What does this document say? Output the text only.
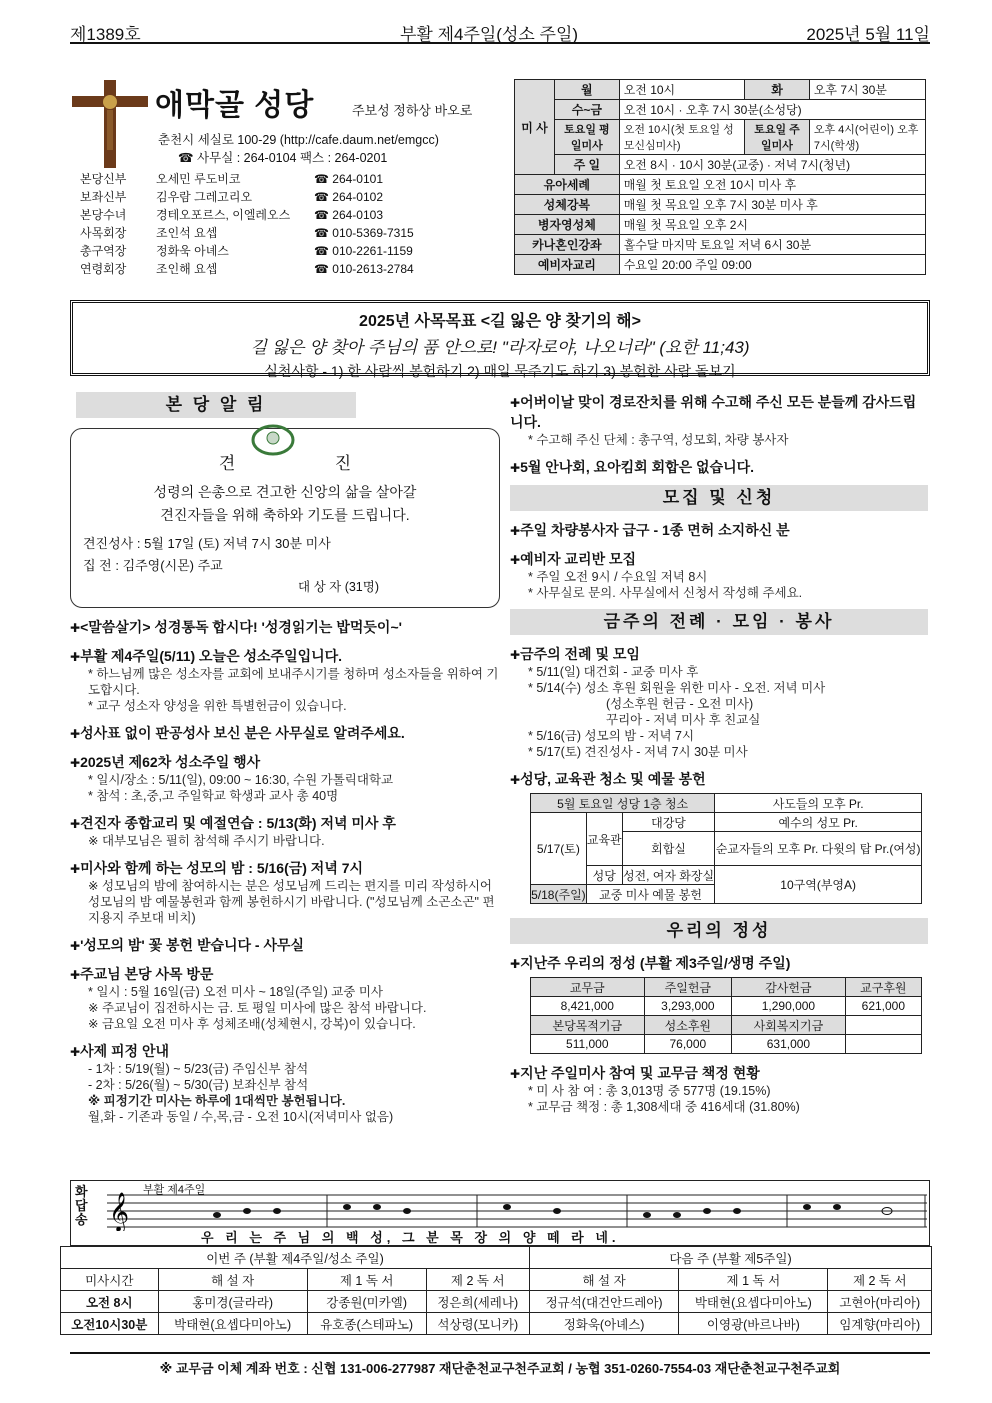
제1389호	부활 제4주일(성소 주일)	2025년 5월 11일
애막골 성당	주보성 정하상 바오로
춘천시 세실로 100-29 (http://cafe.daum.net/emgcc)
☎ 사무실 : 264-0104 팩스 : 264-0201
본당신부	오세민 루도비코	☎ 264-0101
보좌신부	김우람 그레고리오	☎ 264-0102
본당수녀	경테오포르스, 이엘레오스	☎ 264-0103
사목회장	조인석 요셉	☎ 010-5369-7315
총구역장	정화욱 아녜스	☎ 010-2261-1159
연령회장	조인해 요셉	☎ 010-2613-2784
미 사	월	오전 10시	화	오후 7시 30분
	수~금	오전 10시 · 오후 7시 30분(소성당)		
	토요일 평일미사	오전 10시(첫 토요일 성모신심미사)	토요일 주일미사	오후 4시(어린이) 오후 7시(학생)
	주 일	오전 8시 · 10시 30분(교중) · 저녁 7시(청년)		
유아세례		매월 첫 토요일 오전 10시 미사 후		
성체강복		매월 첫 목요일 오후 7시 30분 미사 후		
병자영성체		매월 첫 목요일 오후 2시		
카나혼인강좌		홀수달 마지막 토요일 저녁 6시 30분		
예비자교리		수요일 20:00 주일 09:00		
2025년 사목목표 <길 잃은 양 찾기의 해>
길 잃은 양 찾아 주님의 품 안으로! "라자로야, 나오너라" (요한 11;43)
실천사항 - 1) 한 사람씩 봉헌하기 2) 매일 묵주기도 하기 3) 봉헌한 사람 돌보기
본 당 알 림
견	진
성령의 은총으로 견고한 신앙의 삶을 살아갈
견진자들을 위해 축하와 기도를 드립니다.
견진성사 : 5월 17일 (토) 저녁 7시 30분 미사
집 전 : 김주영(시몬) 주교
대 상 자 (31명)
✚ <말씀살기> 성경통독 합시다! '성경읽기는 밥먹듯이~'
✚ 부활 제4주일(5/11) 오늘은 성소주일입니다.
* 하느님께 많은 성소자를 교회에 보내주시기를 청하며 성소자들을 위하여 기도합시다.
* 교구 성소자 양성을 위한 특별헌금이 있습니다.
✚ 성사표 없이 판공성사 보신 분은 사무실로 알려주세요.
✚ 2025년 제62차 성소주일 행사
* 일시/장소 : 5/11(일), 09:00 ~ 16:30, 수원 가톨릭대학교
* 참석 : 초,중,고 주일학교 학생과 교사 총 40명
✚ 견진자 종합교리 및 예절연습 : 5/13(화) 저녁 미사 후
※ 대부모님은 필히 참석해 주시기 바랍니다.
✚ 미사와 함께 하는 성모의 밤 : 5/16(금) 저녁 7시
※ 성모님의 밤에 참여하시는 분은 성모님께 드리는 편지를 미리 작성하시어 성모님의 밤 예물봉헌과 함께 봉헌하시기 바랍니다. ("성모님께 소곤소곤" 편지용지 주보대 비치)
✚ '성모의 밤' 꽃 봉헌 받습니다 - 사무실
✚ 주교님 본당 사목 방문
* 일시 : 5월 16일(금) 오전 미사 ~ 18일(주일) 교중 미사
※ 주교님이 집전하시는 금. 토 평일 미사에 많은 참석 바랍니다.
※ 금요일 오전 미사 후 성체조배(성체현시, 강복)이 있습니다.
✚ 사제 피정 안내
- 1차 : 5/19(월) ~ 5/23(금) 주임신부 참석
- 2차 : 5/26(월) ~ 5/30(금) 보좌신부 참석
※ 피정기간 미사는 하루에 1대씩만 봉헌됩니다.
월,화 - 기존과 동일 / 수,목,금 - 오전 10시(저녁미사 없음)
✚ 어버이날 맞이 경로잔치를 위해 수고해 주신 모든 분들께 감사드립니다.
* 수고해 주신 단체 : 총구역, 성모회, 차량 봉사자
✚ 5월 안나회, 요아킴회 회합은 없습니다.
모집 및 신청
✚ 주일 차량봉사자 급구 - 1종 면허 소지하신 분
✚ 예비자 교리반 모집
* 주일 오전 9시 / 수요일 저녁 8시
* 사무실로 문의. 사무실에서 신청서 작성해 주세요.
금주의 전례 · 모임 · 봉사
✚ 금주의 전례 및 모임
* 5/11(일) 대건회 - 교중 미사 후
* 5/14(수) 성소 후원 회원을 위한 미사 - 오전. 저녁 미사
(성소후원 헌금 - 오전 미사)
꾸리아 - 저녁 미사 후 친교실
* 5/16(금) 성모의 밤 - 저녁 7시
* 5/17(토) 견진성사 - 저녁 7시 30분 미사
✚ 성당, 교육관 청소 및 예물 봉헌
5월 토요일 성당 1층 청소			사도들의 모후 Pr.
5/17(토)	교육관	대강당	예수의 성모 Pr.
		회합실	순교자들의 모후 Pr. 다윗의 탑 Pr.(여성)
	성당	성전, 여자 화장실	10구역(부영A)
5/18(주일)	교중 미사 예물 봉헌		
우리의 정성
✚ 지난주 우리의 정성 (부활 제3주일/생명 주일)
교무금	주일헌금	감사헌금	교구후원
8,421,000	3,293,000	1,290,000	621,000
본당목적기금	성소후원	사회복지기금	
511,000	76,000	631,000	
✚ 지난 주일미사 참여 및 교무금 책정 현황
* 미 사 참 여 : 총 3,013명 중 577명 (19.15%)
* 교무금 책정 : 총 1,308세대 중 416세대 (31.80%)
화답송
부활 제4주일
𝄞
우 리 는 주 님 의 백 성, 그 분 목 장 의 양 떼 라 네.
이번 주 (부활 제4주일/성소 주일)				다음 주 (부활 제5주일)		
미사시간	해 설 자	제 1 독 서	제 2 독 서	해 설 자	제 1 독 서	제 2 독 서
오전 8시	홍미경(글라라)	강종원(미카엘)	정은희(세레나)	정규석(대건안드레아)	박태현(요셉다미아노)	고현아(마리아)
오전10시30분	박태현(요셉다미아노)	유호종(스테파노)	석상령(모니카)	정화욱(아녜스)	이영광(바르나바)	임계향(마리아)
※ 교무금 이체 계좌 번호 : 신협 131-006-277987 재단춘천교구천주교회 / 농협 351-0260-7554-03 재단춘천교구천주교회
